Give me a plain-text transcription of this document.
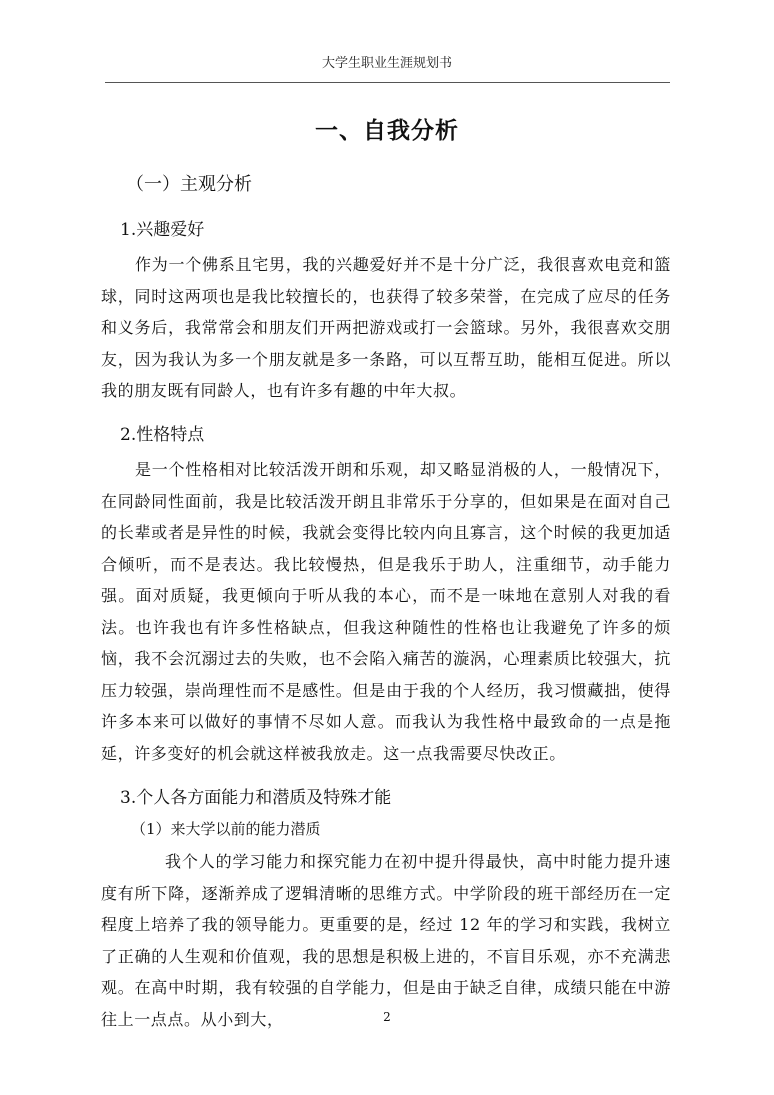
大学生职业生涯规划书
一、自我分析
（一）主观分析
1.兴趣爱好

作为一个佛系且宅男，我的兴趣爱好并不是十分广泛，我很喜欢电竞和篮球，同时这两项也是我比较擅长的，也获得了较多荣誉，在完成了应尽的任务和义务后，我常常会和朋友们开两把游戏或打一会篮球。另外，我很喜欢交朋友，因为我认为多一个朋友就是多一条路，可以互帮互助，能相互促进。所以我的朋友既有同龄人，也有许多有趣的中年大叔。

2.性格特点

是一个性格相对比较活泼开朗和乐观，却又略显消极的人，一般情况下，在同龄同性面前，我是比较活泼开朗且非常乐于分享的，但如果是在面对自己的长辈或者是异性的时候，我就会变得比较内向且寡言，这个时候的我更加适合倾听，而不是表达。我比较慢热，但是我乐于助人，注重细节，动手能力强。面对质疑，我更倾向于听从我的本心，而不是一味地在意别人对我的看法。也许我也有许多性格缺点，但我这种随性的性格也让我避免了许多的烦恼，我不会沉溺过去的失败，也不会陷入痛苦的漩涡，心理素质比较强大，抗压力较强，崇尚理性而不是感性。但是由于我的个人经历，我习惯藏拙，使得许多本来可以做好的事情不尽如人意。而我认为我性格中最致命的一点是拖延，许多变好的机会就这样被我放走。这一点我需要尽快改正。

3.个人各方面能力和潜质及特殊才能
（1）来大学以前的能力潜质

我个人的学习能力和探究能力在初中提升得最快，高中时能力提升速度有所下降，逐渐养成了逻辑清晰的思维方式。中学阶段的班干部经历在一定程度上培养了我的领导能力。更重要的是，经过 12 年的学习和实践，我树立了正确的人生观和价值观，我的思想是积极上进的，不盲目乐观，亦不充满悲观。在高中时期，我有较强的自学能力，但是由于缺乏自律，成绩只能在中游往上一点点。从小到大，	2
